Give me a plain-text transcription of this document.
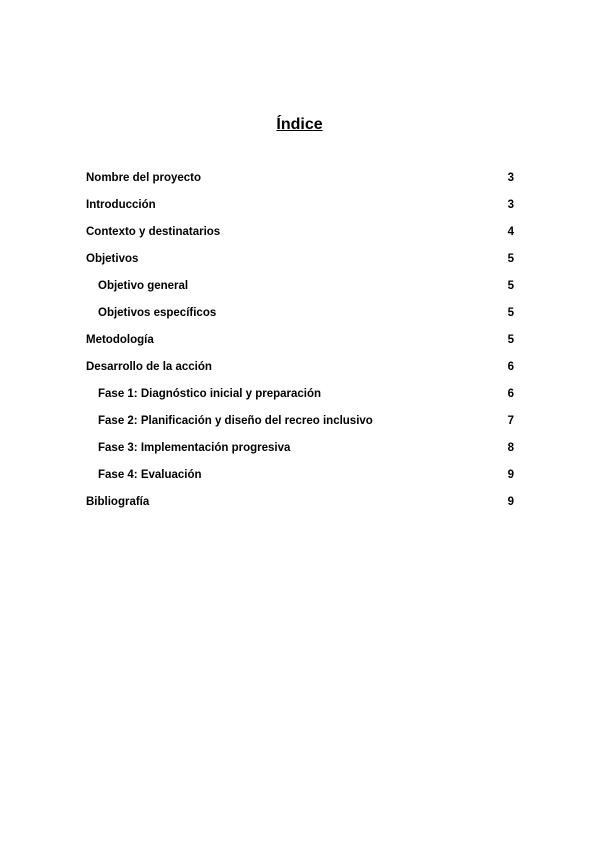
Índice
Nombre del proyecto	3
Introducción	3
Contexto y destinatarios	4
Objetivos	5
Objetivo general	5
Objetivos específicos	5
Metodología	5
Desarrollo de la acción	6
Fase 1: Diagnóstico inicial y preparación	6
Fase 2: Planificación y diseño del recreo inclusivo	7
Fase 3: Implementación progresiva	8
Fase 4: Evaluación	9
Bibliografía	9
